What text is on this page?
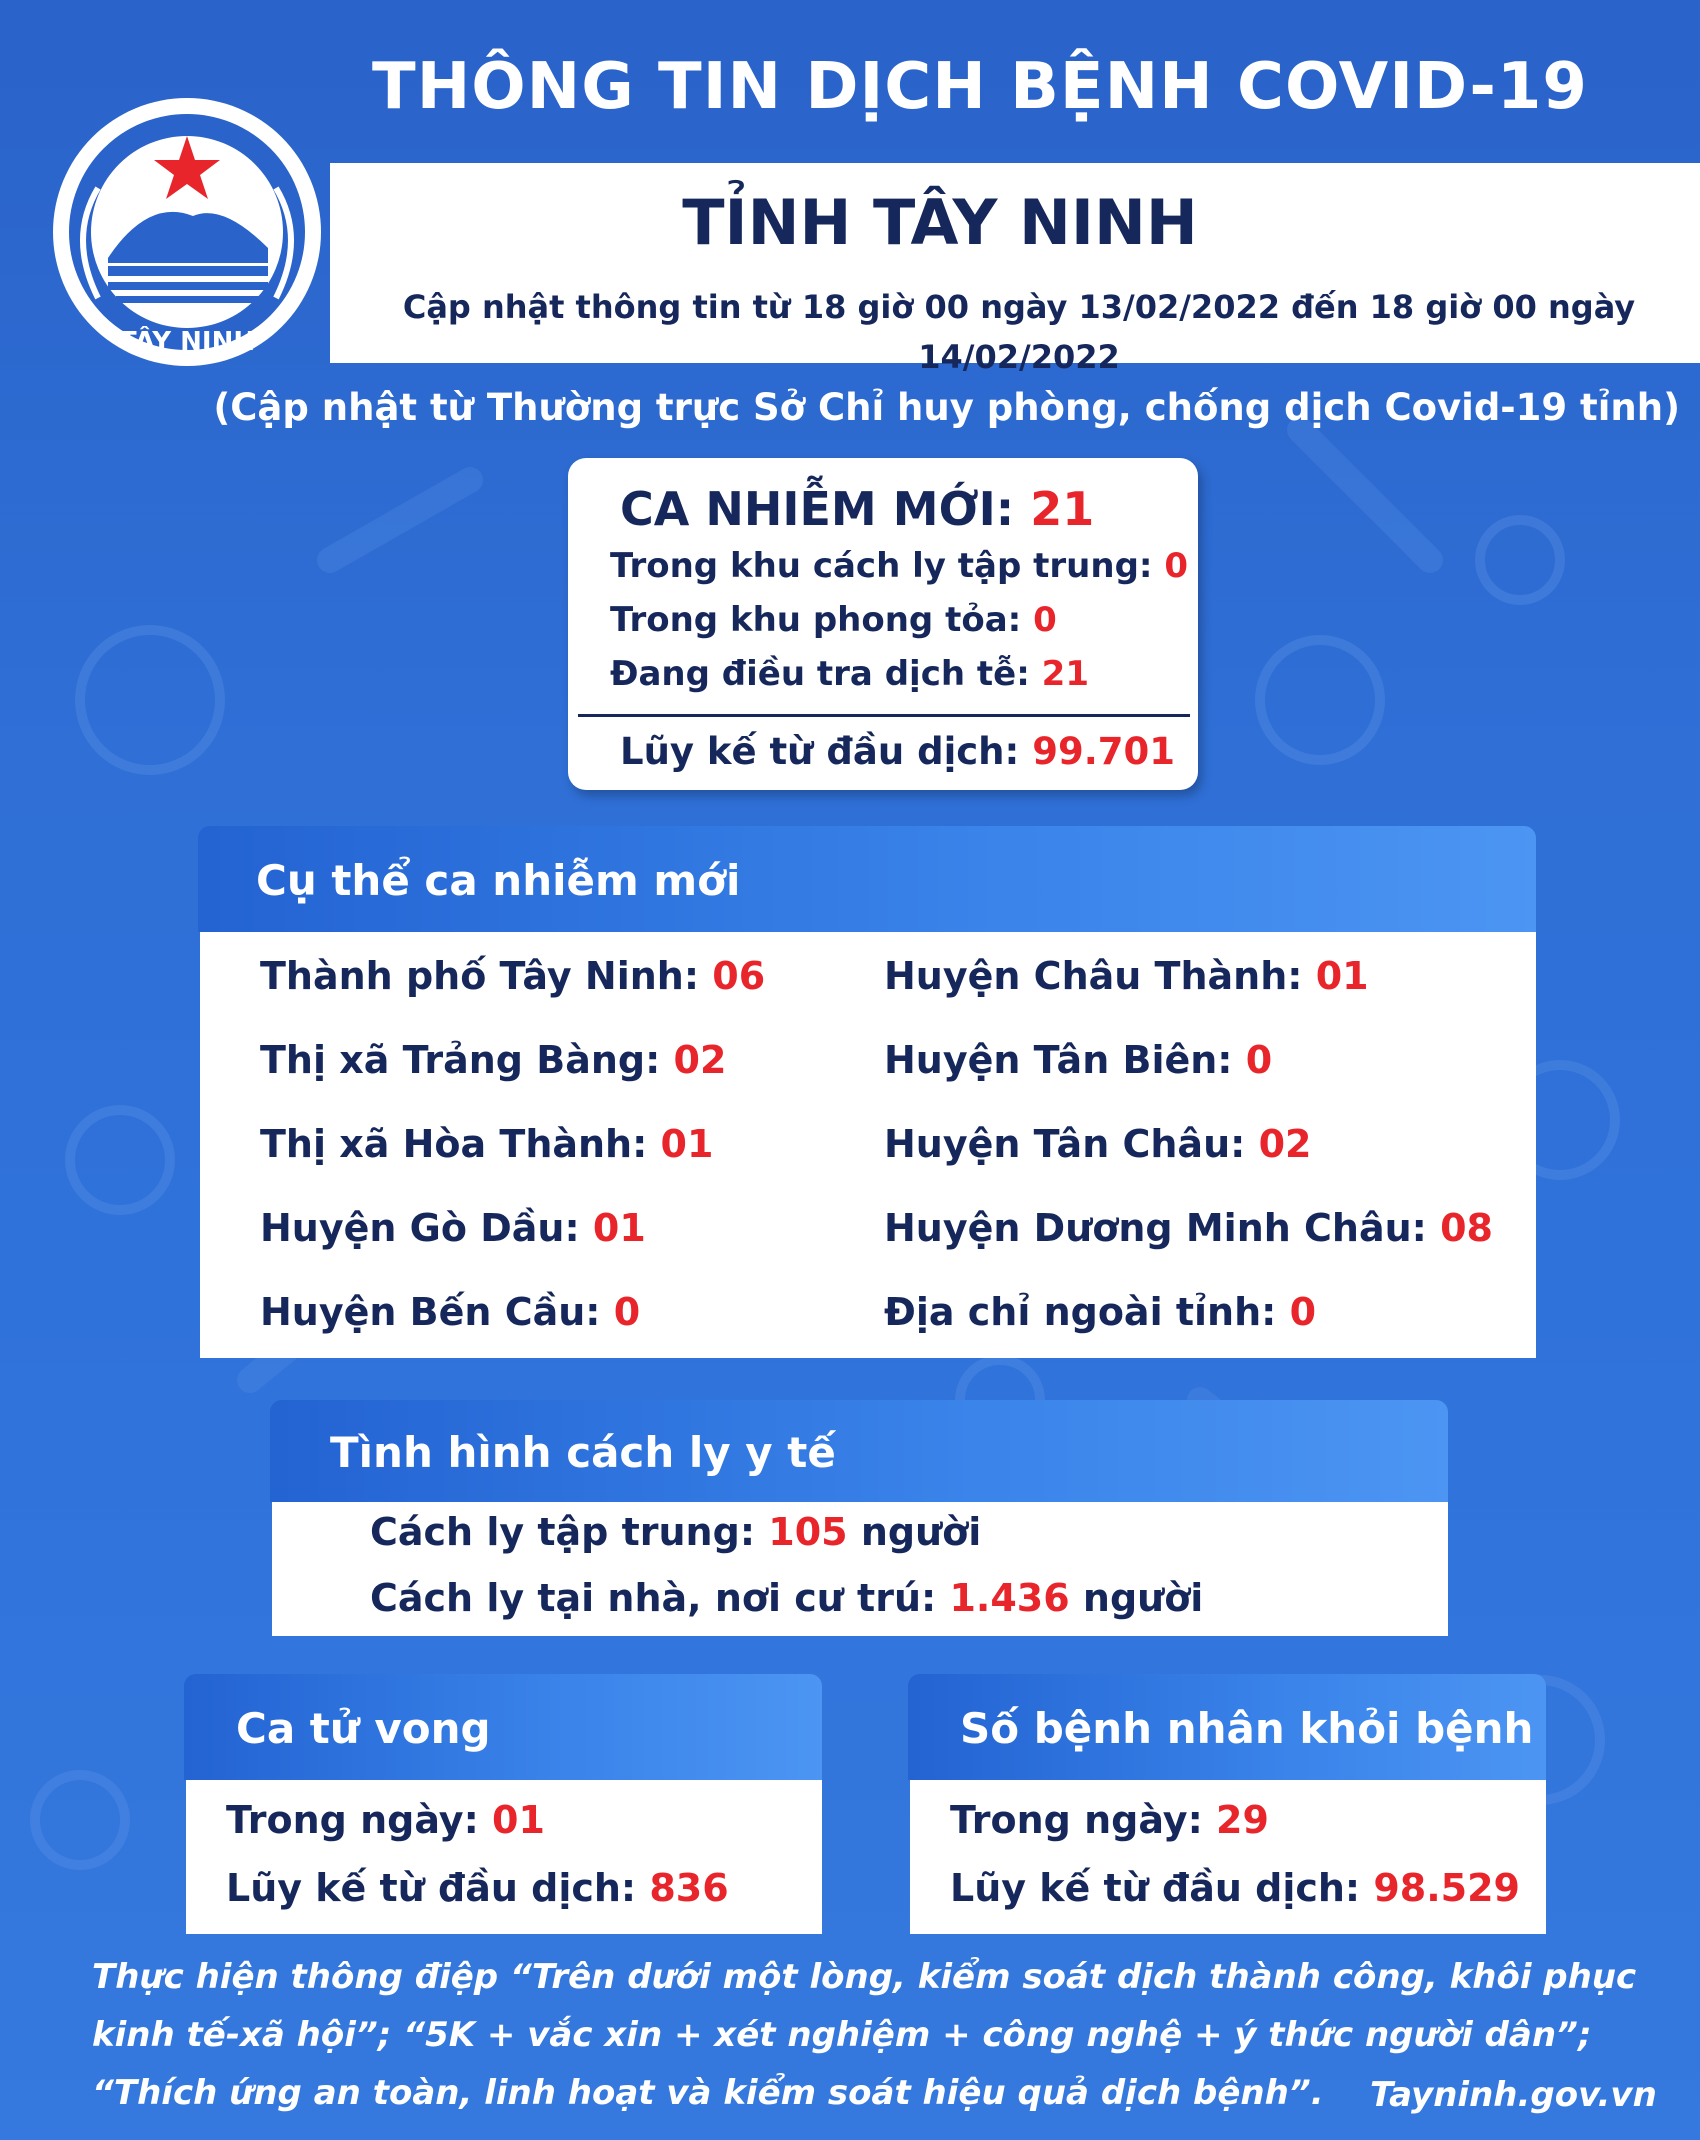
TÂY NINH
THÔNG TIN DỊCH BỆNH COVID-19
TỈNH TÂY NINH
Cập nhật thông tin từ 18 giờ 00 ngày 13/02/2022 đến 18 giờ 00 ngày 14/02/2022
(Cập nhật từ Thường trực Sở Chỉ huy phòng, chống dịch Covid-19 tỉnh)
CA NHIỄM MỚI: 21
Trong khu cách ly tập trung: 0
Trong khu phong tỏa: 0
Đang điều tra dịch tễ: 21
Lũy kế từ đầu dịch: 99.701
Cụ thể ca nhiễm mới
Thành phố Tây Ninh: 06
Thị xã Trảng Bàng: 02
Thị xã Hòa Thành: 01
Huyện Gò Dầu: 01
Huyện Bến Cầu: 0
Huyện Châu Thành: 01
Huyện Tân Biên: 0
Huyện Tân Châu: 02
Huyện Dương Minh Châu: 08
Địa chỉ ngoài tỉnh: 0
Tình hình cách ly y tế
Cách ly tập trung: 105 người
Cách ly tại nhà, nơi cư trú: 1.436 người
Ca tử vong
Trong ngày: 01
Lũy kế từ đầu dịch: 836
Số bệnh nhân khỏi bệnh
Trong ngày: 29
Lũy kế từ đầu dịch: 98.529
Thực hiện thông điệp “Trên dưới một lòng, kiểm soát dịch thành công, khôi phục kinh tế-xã hội”; “5K + vắc xin + xét nghiệm + công nghệ + ý thức người dân”; “Thích ứng an toàn, linh hoạt và kiểm soát hiệu quả dịch bệnh”.	Tayninh.gov.vn
